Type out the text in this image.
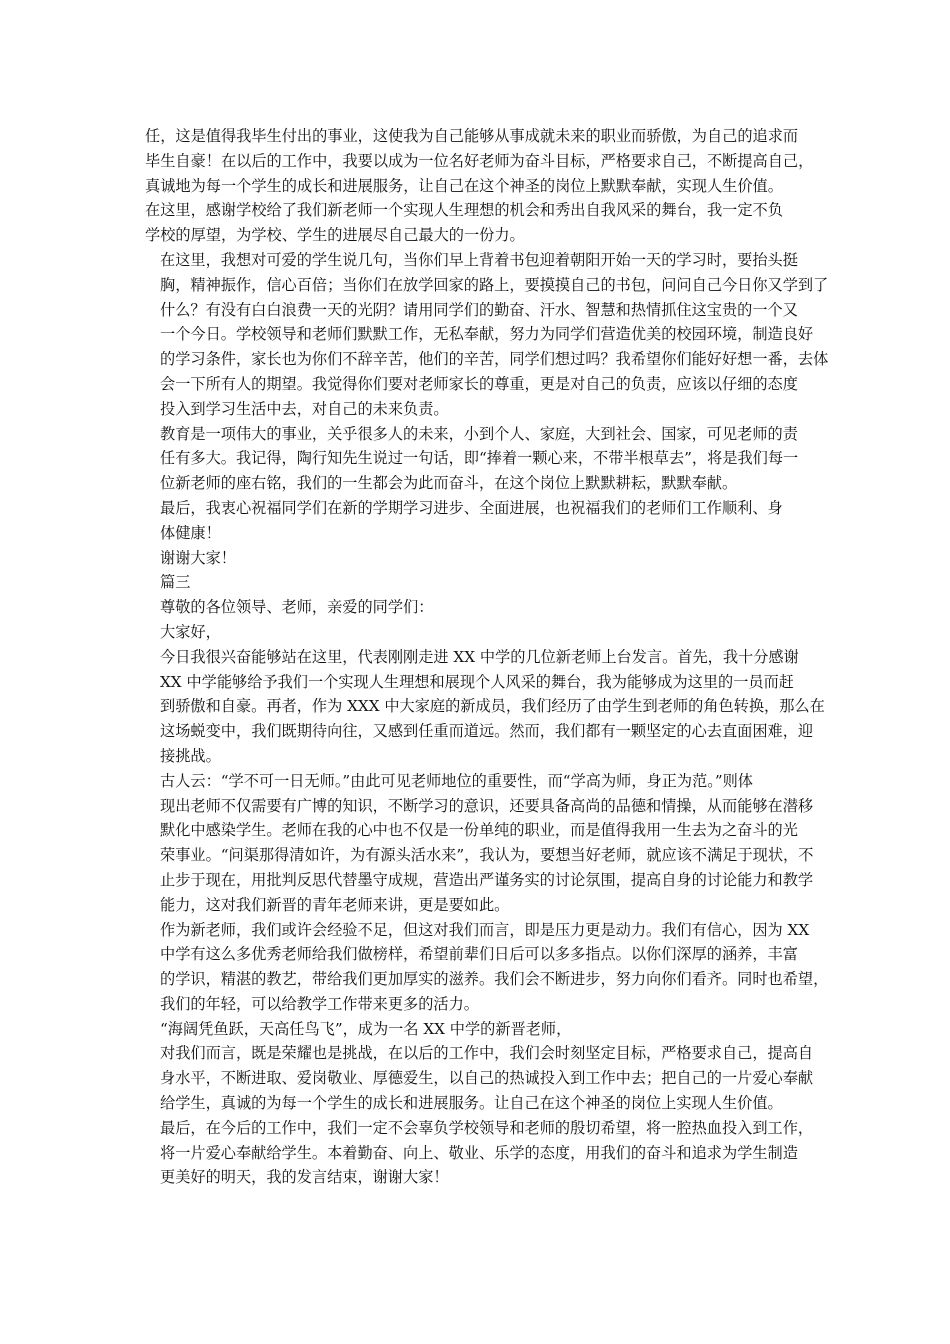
任，这是值得我毕生付出的事业，这使我为自己能够从事成就未来的职业而骄傲，为自己的追求而
毕生自豪！在以后的工作中，我要以成为一位名好老师为奋斗目标，严格要求自己，不断提高自己，
真诚地为每一个学生的成长和进展服务，让自己在这个神圣的岗位上默默奉献，实现人生价值。
在这里，感谢学校给了我们新老师一个实现人生理想的机会和秀出自我风采的舞台，我一定不负
学校的厚望，为学校、学生的进展尽自己最大的一份力。

在这里，我想对可爱的学生说几句，当你们早上背着书包迎着朝阳开始一天的学习时，要抬头挺
胸，精神振作，信心百倍；当你们在放学回家的路上，要摸摸自己的书包，问问自己今日你又学到了
什么？有没有白白浪费一天的光阴？请用同学们的勤奋、汗水、智慧和热情抓住这宝贵的一个又
一个今日。学校领导和老师们默默工作，无私奉献，努力为同学们营造优美的校园环境，制造良好
的学习条件，家长也为你们不辞辛苦，他们的辛苦，同学们想过吗？我希望你们能好好想一番，去体
会一下所有人的期望。我觉得你们要对老师家长的尊重，更是对自己的负责，应该以仔细的态度
投入到学习生活中去，对自己的未来负责。

教育是一项伟大的事业，关乎很多人的未来，小到个人、家庭，大到社会、国家，可见老师的责
任有多大。我记得，陶行知先生说过一句话，即“捧着一颗心来，不带半根草去”，将是我们每一
位新老师的座右铭，我们的一生都会为此而奋斗，在这个岗位上默默耕耘，默默奉献。

最后，我衷心祝福同学们在新的学期学习进步、全面进展，也祝福我们的老师们工作顺利、身
体健康！

谢谢大家！

篇三

尊敬的各位领导、老师，亲爱的同学们：

大家好，

今日我很兴奋能够站在这里，代表刚刚走进 XX 中学的几位新老师上台发言。首先，我十分感谢
XX 中学能够给予我们一个实现人生理想和展现个人风采的舞台，我为能够成为这里的一员而赶
到骄傲和自豪。再者，作为 XXX 中大家庭的新成员，我们经历了由学生到老师的角色转换，那么在
这场蜕变中，我们既期待向往，又感到任重而道远。然而，我们都有一颗坚定的心去直面困难，迎
接挑战。

古人云：“学不可一日无师。”由此可见老师地位的重要性，而“学高为师，身正为范。”则体
现出老师不仅需要有广博的知识，不断学习的意识，还要具备高尚的品德和情操，从而能够在潜移
默化中感染学生。老师在我的心中也不仅是一份单纯的职业，而是值得我用一生去为之奋斗的光
荣事业。“问渠那得清如许，为有源头活水来”，我认为，要想当好老师，就应该不满足于现状，不
止步于现在，用批判反思代替墨守成规，营造出严谨务实的讨论氛围，提高自身的讨论能力和教学
能力，这对我们新晋的青年老师来讲，更是要如此。

作为新老师，我们或许会经验不足，但这对我们而言，即是压力更是动力。我们有信心，因为 XX
中学有这么多优秀老师给我们做榜样，希望前辈们日后可以多多指点。以你们深厚的涵养，丰富
的学识，精湛的教艺，带给我们更加厚实的滋养。我们会不断进步，努力向你们看齐。同时也希望，
我们的年轻，可以给教学工作带来更多的活力。

“海阔凭鱼跃，天高任鸟飞”，成为一名 XX 中学的新晋老师，

对我们而言，既是荣耀也是挑战，在以后的工作中，我们会时刻坚定目标，严格要求自己，提高自
身水平，不断进取、爱岗敬业、厚德爱生，以自己的热诚投入到工作中去；把自己的一片爱心奉献
给学生，真诚的为每一个学生的成长和进展服务。让自己在这个神圣的岗位上实现人生价值。

最后，在今后的工作中，我们一定不会辜负学校领导和老师的殷切希望，将一腔热血投入到工作，
将一片爱心奉献给学生。本着勤奋、向上、敬业、乐学的态度，用我们的奋斗和追求为学生制造
更美好的明天，我的发言结束，谢谢大家！
